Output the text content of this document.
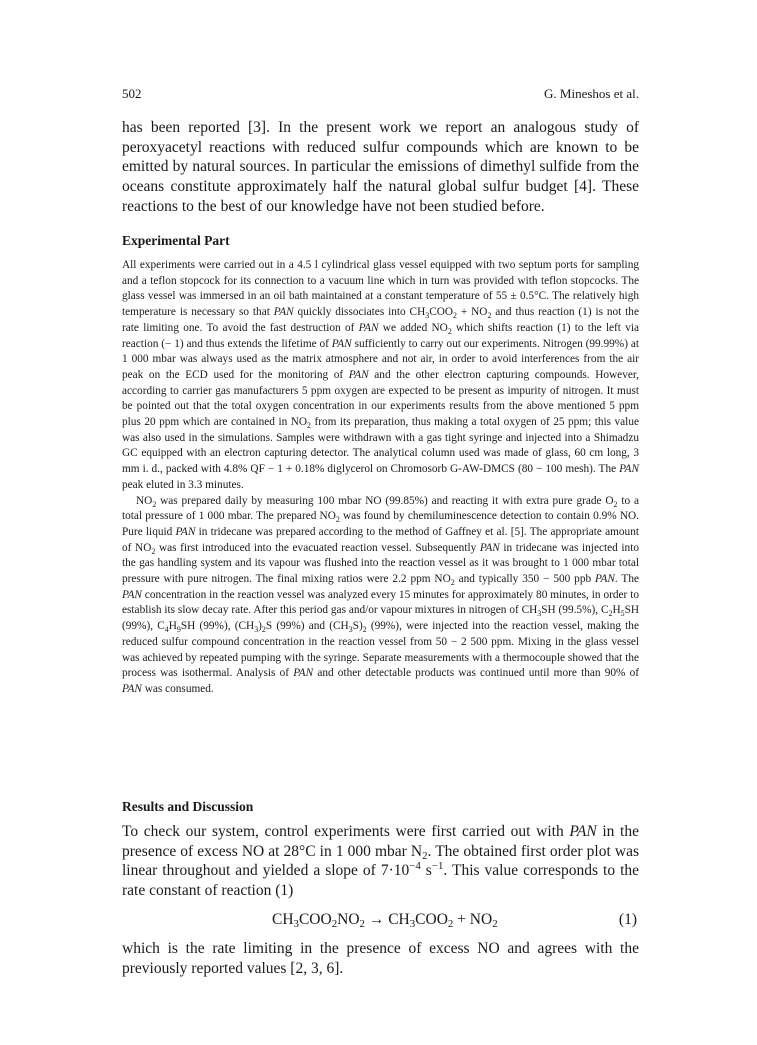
502	G. Mineshos et al.

has been reported [3]. In the present work we report an analogous study of peroxyacetyl reactions with reduced sulfur compounds which are known to be emitted by natural sources. In particular the emissions of dimethyl sulfide from the oceans constitute approximately half the natural global sulfur budget [4]. These reactions to the best of our knowledge have not been studied before.

Experimental Part

All experiments were carried out in a 4.5 l cylindrical glass vessel equipped with two septum ports for sampling and a teflon stopcock for its connection to a vacuum line which in turn was provided with teflon stopcocks. The glass vessel was immersed in an oil bath maintained at a constant temperature of 55 ± 0.5°C. The relatively high temperature is necessary so that PAN quickly dissociates into $CH_3COO_2 + NO_2$ and thus reaction (1) is not the rate limiting one. To avoid the fast destruction of PAN we added $NO_2$ which shifts reaction (1) to the left via reaction (− 1) and thus extends the lifetime of PAN sufficiently to carry out our experiments. Nitrogen (99.99%) at 1 000 mbar was always used as the matrix atmosphere and not air, in order to avoid interferences from the air peak on the ECD used for the monitoring of PAN and the other electron capturing compounds. However, according to carrier gas manufacturers 5 ppm oxygen are expected to be present as impurity of nitrogen. It must be pointed out that the total oxygen concentration in our experiments results from the above mentioned 5 ppm plus 20 ppm which are contained in $NO_2$ from its preparation, thus making a total oxygen of 25 ppm; this value was also used in the simulations. Samples were withdrawn with a gas tight syringe and injected into a Shimadzu GC equipped with an electron capturing detector. The analytical column used was made of glass, 60 cm long, 3 mm i. d., packed with 4.8% QF − 1 + 0.18% diglycerol on Chromosorb G-AW-DMCS (80 − 100 mesh). The PAN peak eluted in 3.3 minutes.

$NO_2$ was prepared daily by measuring 100 mbar NO (99.85%) and reacting it with extra pure grade $O_2$ to a total pressure of 1 000 mbar. The prepared $NO_2$ was found by chemiluminescence detection to contain 0.9% NO. Pure liquid PAN in tridecane was prepared according to the method of Gaffney et al. [5]. The appropriate amount of $NO_2$ was first introduced into the evacuated reaction vessel. Subsequently PAN in tridecane was injected into the gas handling system and its vapour was flushed into the reaction vessel as it was brought to 1 000 mbar total pressure with pure nitrogen. The final mixing ratios were 2.2 ppm $NO_2$ and typically 350 − 500 ppb PAN. The PAN concentration in the reaction vessel was analyzed every 15 minutes for approximately 80 minutes, in order to establish its slow decay rate. After this period gas and/or vapour mixtures in nitrogen of $CH_3SH$ (99.5%), $C_2H_5SH$ (99%), $C_4H_9SH$ (99%), $(CH_3)_2S$ (99%) and $(CH_3S)_2$ (99%), were injected into the reaction vessel, making the reduced sulfur compound concentration in the reaction vessel from 50 − 2 500 ppm. Mixing in the glass vessel was achieved by repeated pumping with the syringe. Separate measurements with a thermocouple showed that the process was isothermal. Analysis of PAN and other detectable products was continued until more than 90% of PAN was consumed.

Results and Discussion

To check our system, control experiments were first carried out with PAN in the presence of excess NO at 28°C in 1 000 mbar $N_2$. The obtained first order plot was linear throughout and yielded a slope of $7\cdot 10^{-4}$ $s^{-1}$. This value corresponds to the rate constant of reaction (1)

$CH_3COO_2NO_2 \to CH_3COO_2 + NO_2$	(1)

which is the rate limiting in the presence of excess NO and agrees with the previously reported values [2, 3, 6].
